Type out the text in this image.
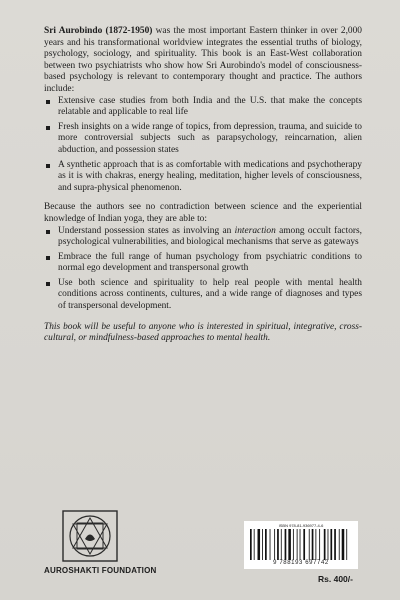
Sri Aurobindo (1872-1950) was the most important Eastern thinker in over 2,000 years and his transformational worldview integrates the essential truths of biology, psychology, sociology, and spirituality. This book is an East-West collaboration between two psychiatrists who show how Sri Aurobindo's model of consciousness-based psychology is relevant to contemporary thought and practice. The authors include:

Extensive case studies from both India and the U.S. that make the concepts relatable and applicable to real life
Fresh insights on a wide range of topics, from depression, trauma, and suicide to more controversial subjects such as parapsychology, reincarnation, alien abduction, and possession states
A synthetic approach that is as comfortable with medications and psychotherapy as it is with chakras, energy healing, meditation, higher levels of consciousness, and supra-physical phenomenon.

Because the authors see no contradiction between science and the experiential knowledge of Indian yoga, they are able to:

Understand possession states as involving an interaction among occult factors, psychological vulnerabilities, and biological mechanisms that serve as gateways
Embrace the full range of human psychology from psychiatric conditions to normal ego development and transpersonal growth
Use both science and spirituality to help real people with mental health conditions across continents, cultures, and a wide range of diagnoses and types of transpersonal development.

This book will be useful to anyone who is interested in spiritual, integrative, cross-cultural, or mindfulness-based approaches to mental health.

AUROSHAKTI FOUNDATION
ISBN 978-81-936977-4-6
9 788193 697742
Rs. 400/-
